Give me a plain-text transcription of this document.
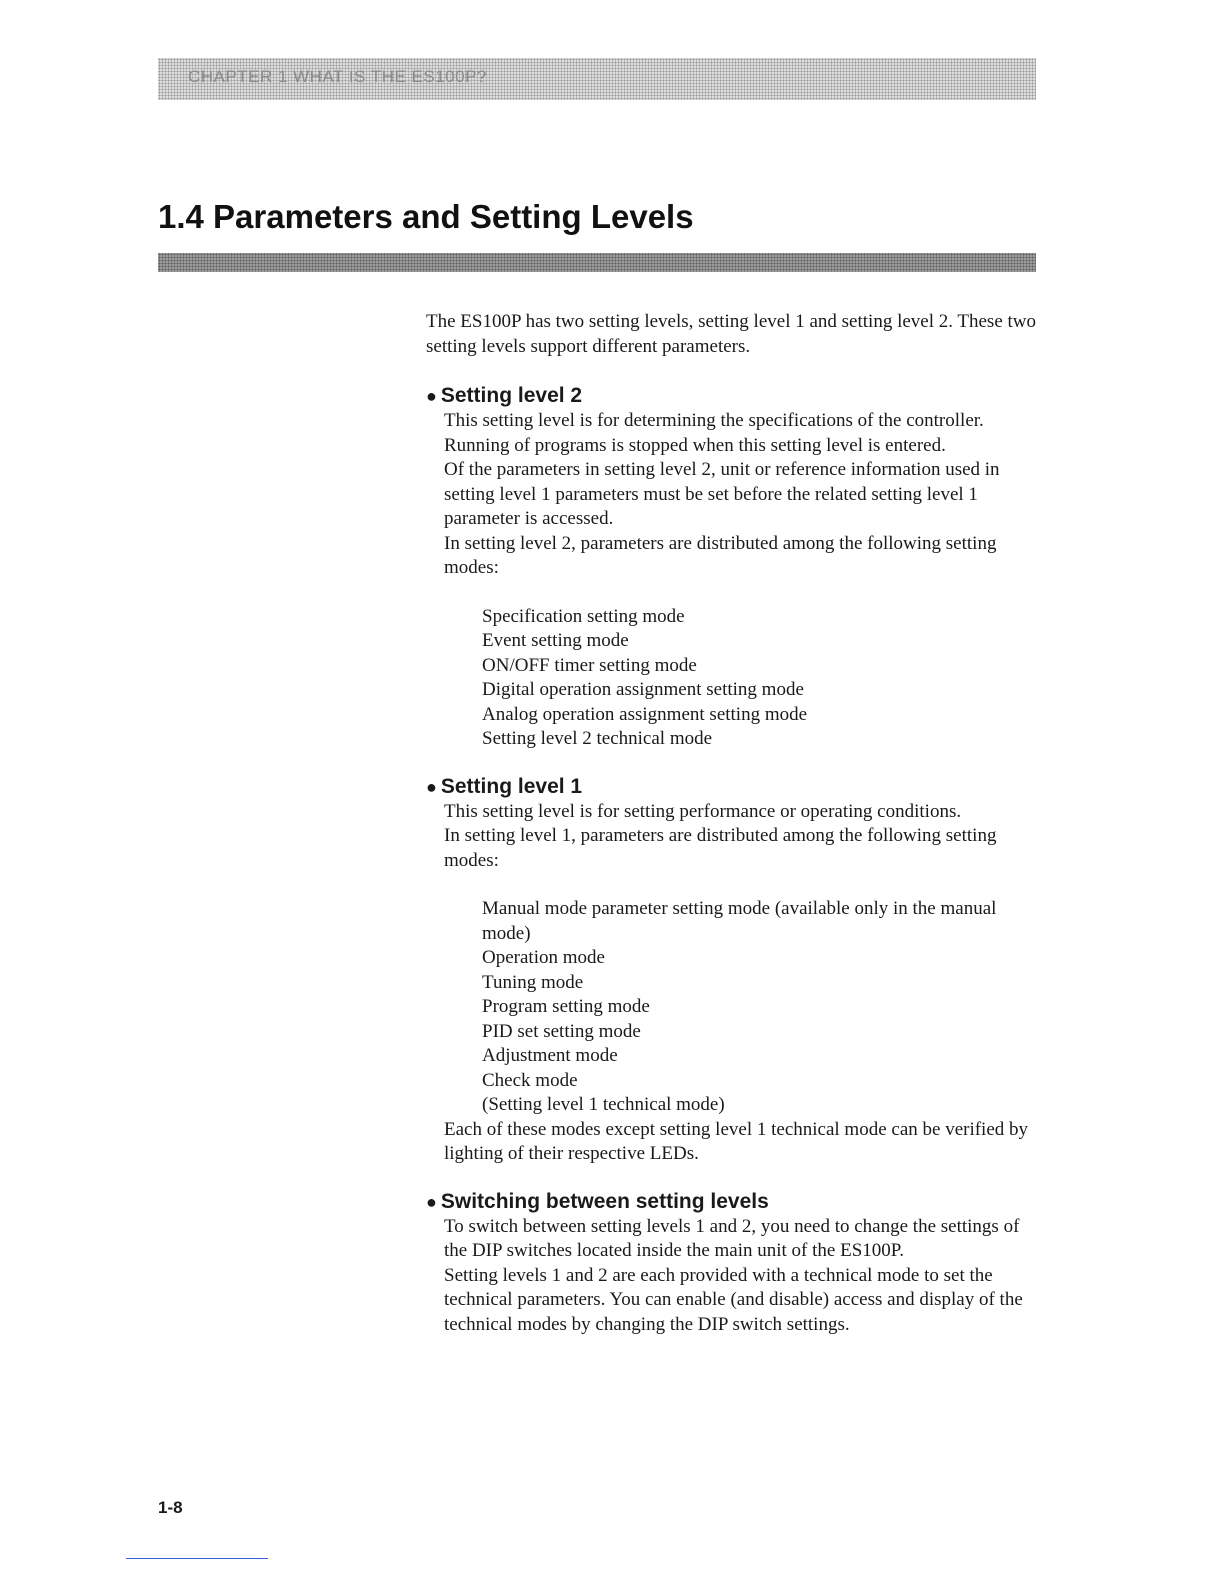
CHAPTER 1 WHAT IS THE ES100P?
1.4 Parameters and Setting Levels

The ES100P has two setting levels, setting level 1 and setting level 2. These two setting levels support different parameters.

● Setting level 2

This setting level is for determining the specifications of the controller. Running of programs is stopped when this setting level is entered.

Of the parameters in setting level 2, unit or reference information used in setting level 1 parameters must be set before the related setting level 1 parameter is accessed.

In setting level 2, parameters are distributed among the following setting modes:

Specification setting mode
Event setting mode
ON/OFF timer setting mode
Digital operation assignment setting mode
Analog operation assignment setting mode
Setting level 2 technical mode
● Setting level 1

This setting level is for setting performance or operating conditions.

In setting level 1, parameters are distributed among the following setting modes:

Manual mode parameter setting mode (available only in the manual mode)
Operation mode
Tuning mode
Program setting mode
PID set setting mode
Adjustment mode
Check mode
(Setting level 1 technical mode)

Each of these modes except setting level 1 technical mode can be verified by lighting of their respective LEDs.

● Switching between setting levels

To switch between setting levels 1 and 2, you need to change the settings of the DIP switches located inside the main unit of the ES100P.

Setting levels 1 and 2 are each provided with a technical mode to set the technical parameters. You can enable (and disable) access and display of the technical modes by changing the DIP switch settings.

1-8
